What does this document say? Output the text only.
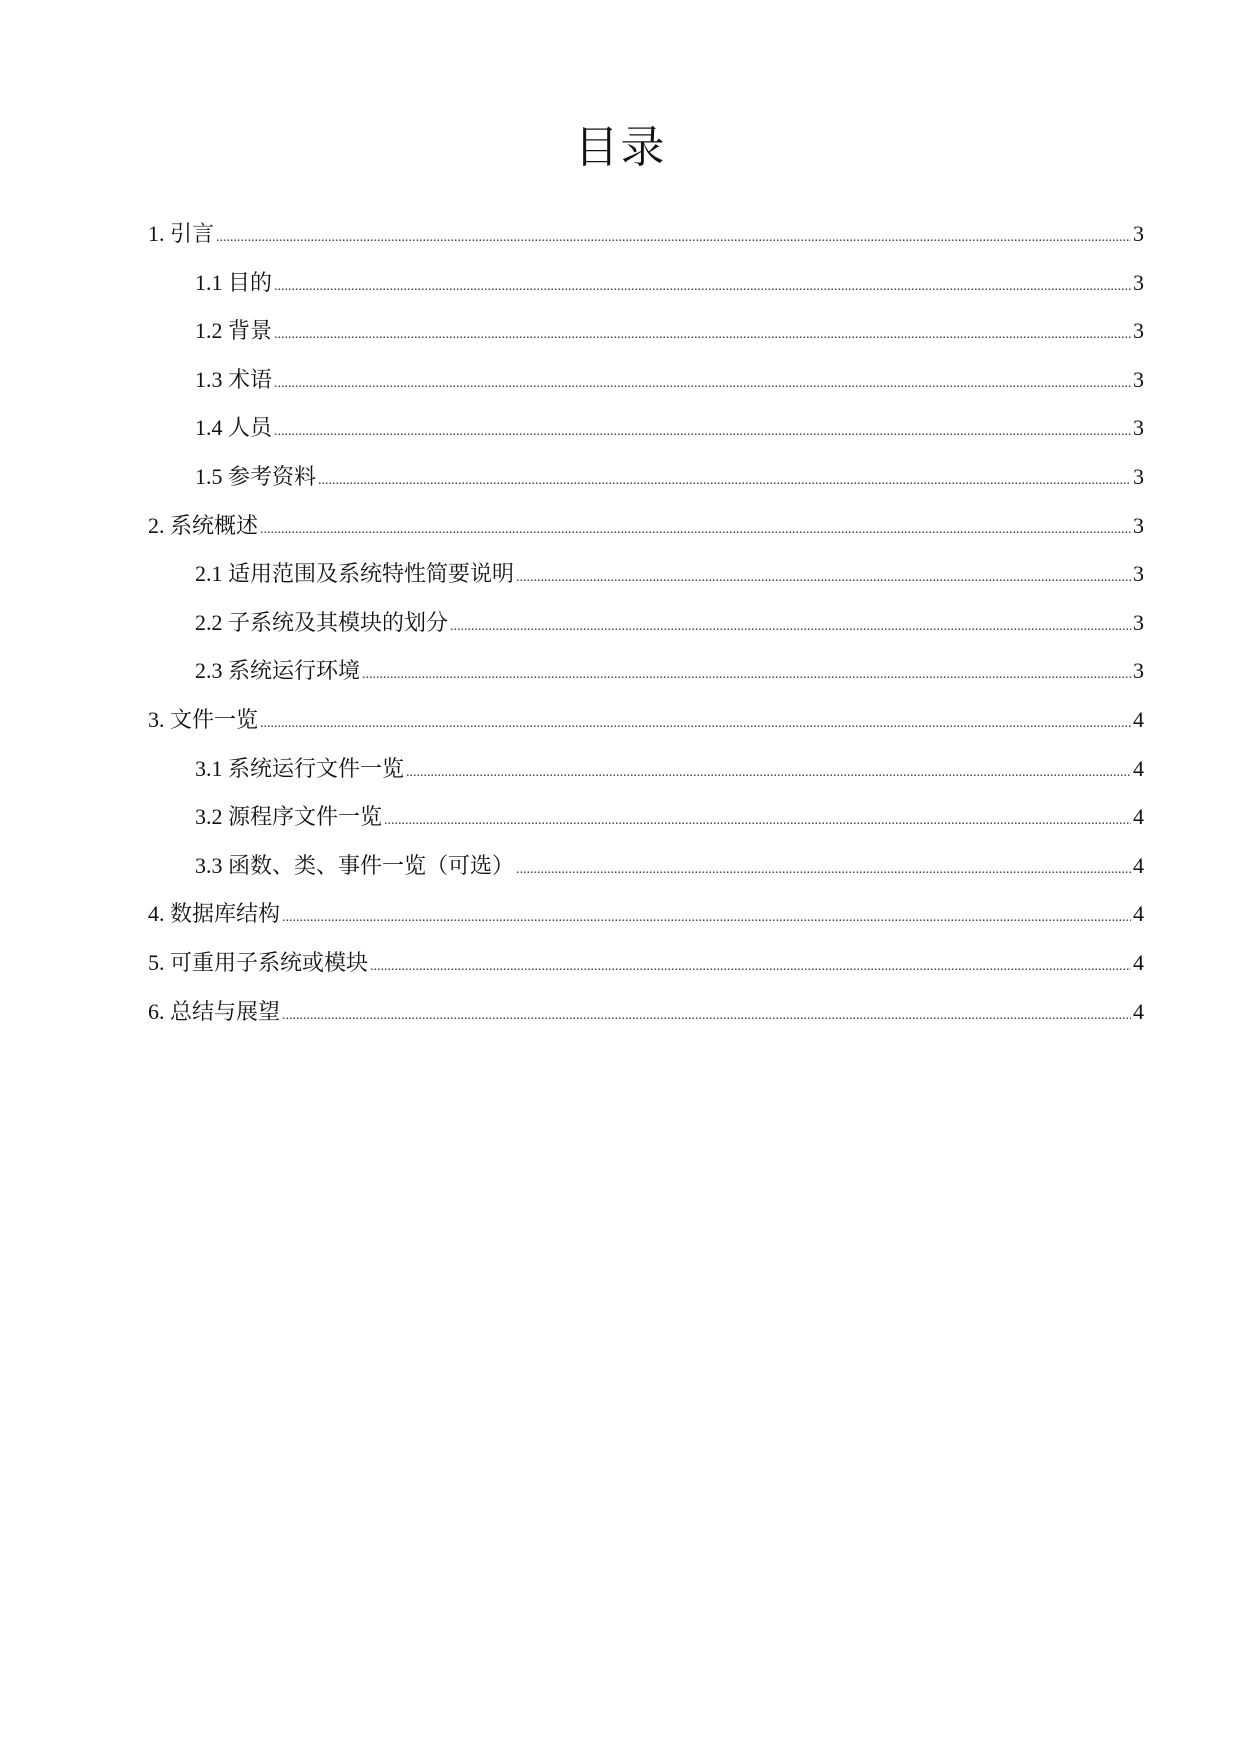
目录
1. 引言 .....	3
1.1 目的 .....	3
1.2 背景 .....	3
1.3 术语 .....	3
1.4 人员 .....	3
1.5 参考资料 .....	3
2. 系统概述 .....	3
2.1 适用范围及系统特性简要说明 .....	3
2.2 子系统及其模块的划分 .....	3
2.3 系统运行环境 .....	3
3. 文件一览 .....	4
3.1 系统运行文件一览 .....	4
3.2 源程序文件一览 .....	4
3.3 函数、类、事件一览（可选） .....	4
4. 数据库结构 .....	4
5. 可重用子系统或模块 .....	4
6. 总结与展望 .....	4
